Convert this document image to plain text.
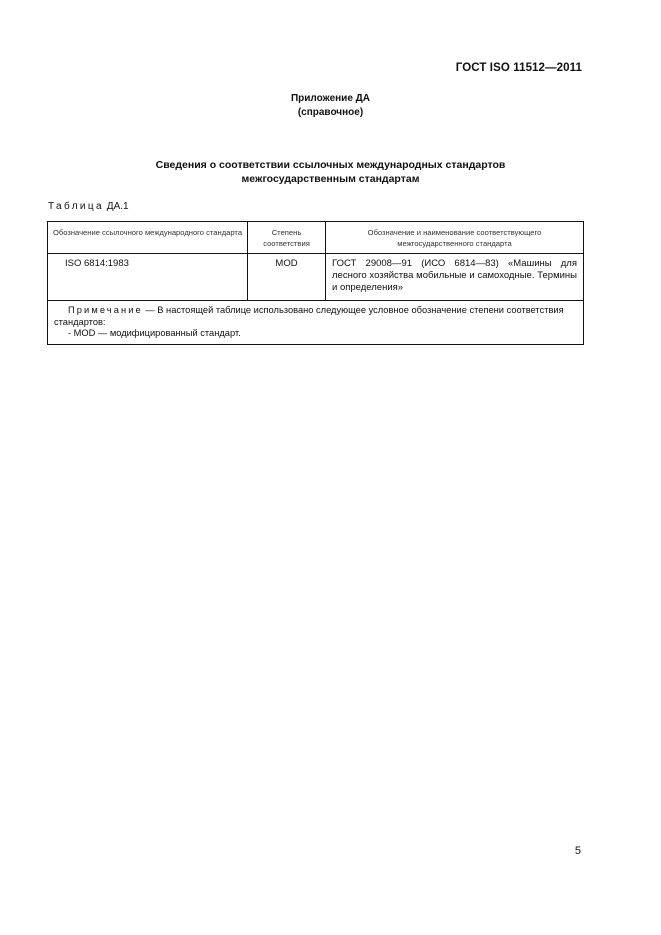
ГОСТ ISO 11512—2011
Приложение ДА
(справочное)
Сведения о соответствии ссылочных международных стандартов
межгосударственным стандартам
Таблица ДА.1
Обозначение ссылочного международного стандарта	Степень соответствия	Обозначение и наименование соответствующего межгосударственного стандарта
ISO 6814:1983	MOD	ГОСТ 29008—91 (ИСО 6814—83) «Машины для лесного хозяйства мобильные и самоходные. Термины и определения»

Примечание — В настоящей таблице использовано следующее условное обозначение степени соответствия стандартов:
- MOD — модифицированный стандарт.		
5
